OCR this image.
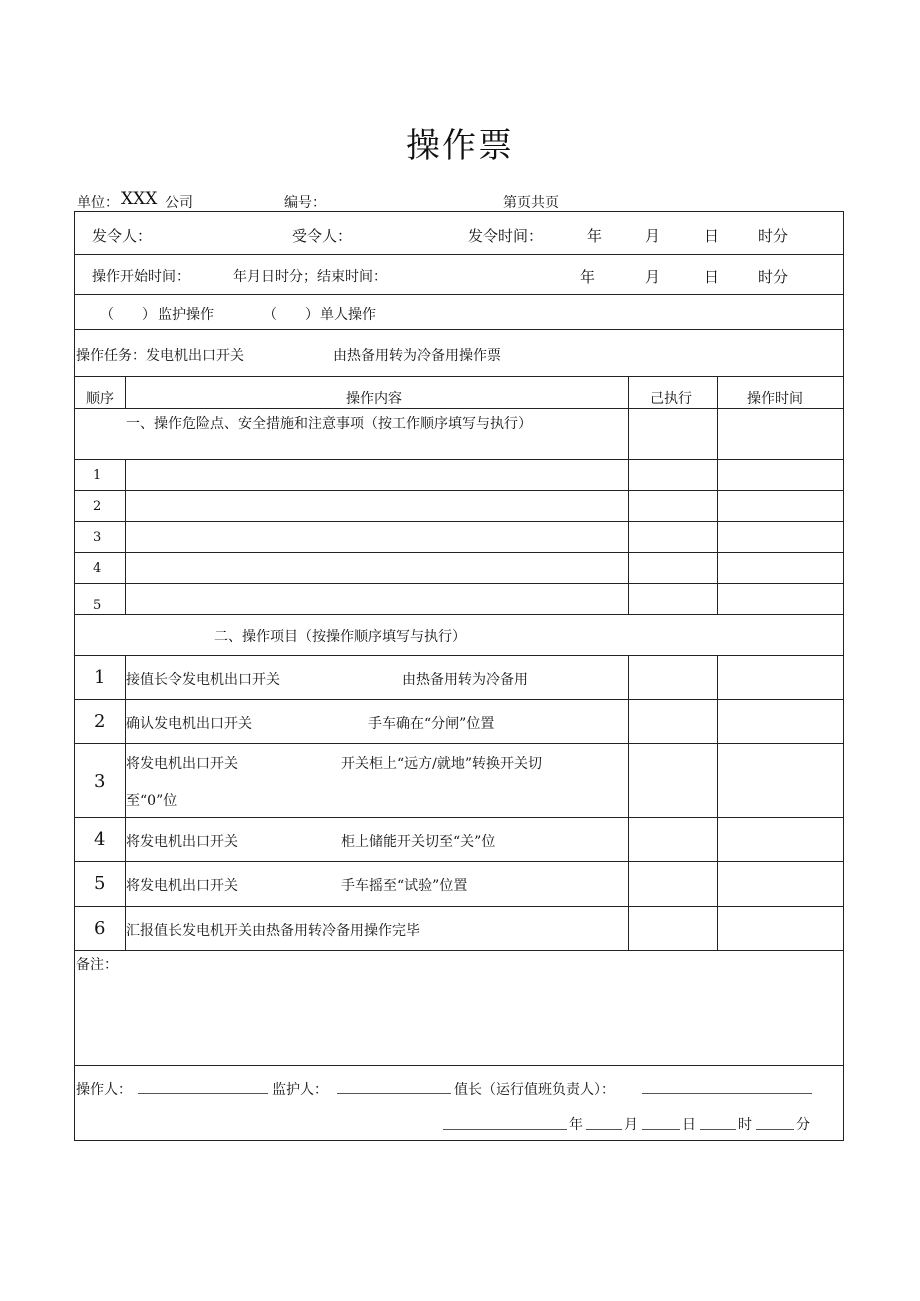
操作票
单位： XXX 公司	编号：	第页共页
发令人：	受令人：	发令时间：	年	月	日	时分
操作开始时间：	年月日时分；结束时间：	年	月	日	时分
（　　） 监护操作	（　　） 单人操作
操作任务：发电机出口开关	由热备用转为冷备用操作票
顺序	操作内容	己执行	操作时间
一、操作危险点、安全措施和注意事项（按工作顺序填写与执行）
1
2
3
4
5
二、操作项目（按操作顺序填写与执行）
1 接值长令发电机出口开关	由热备用转为冷备用
2 确认发电机出口开关	手车确在“分闸”位置
3
将发电机出口开关	开关柜上“远方/就地”转换开关切
至“0”位
4 将发电机出口开关	柜上储能开关切至“关”位
5 将发电机出口开关	手车摇至“试验”位置
6 汇报值长发电机开关由热备用转冷备用操作完毕
备注：
操作人：	监护人：	值长（运行值班负责人）：
年	月	日	时	分
